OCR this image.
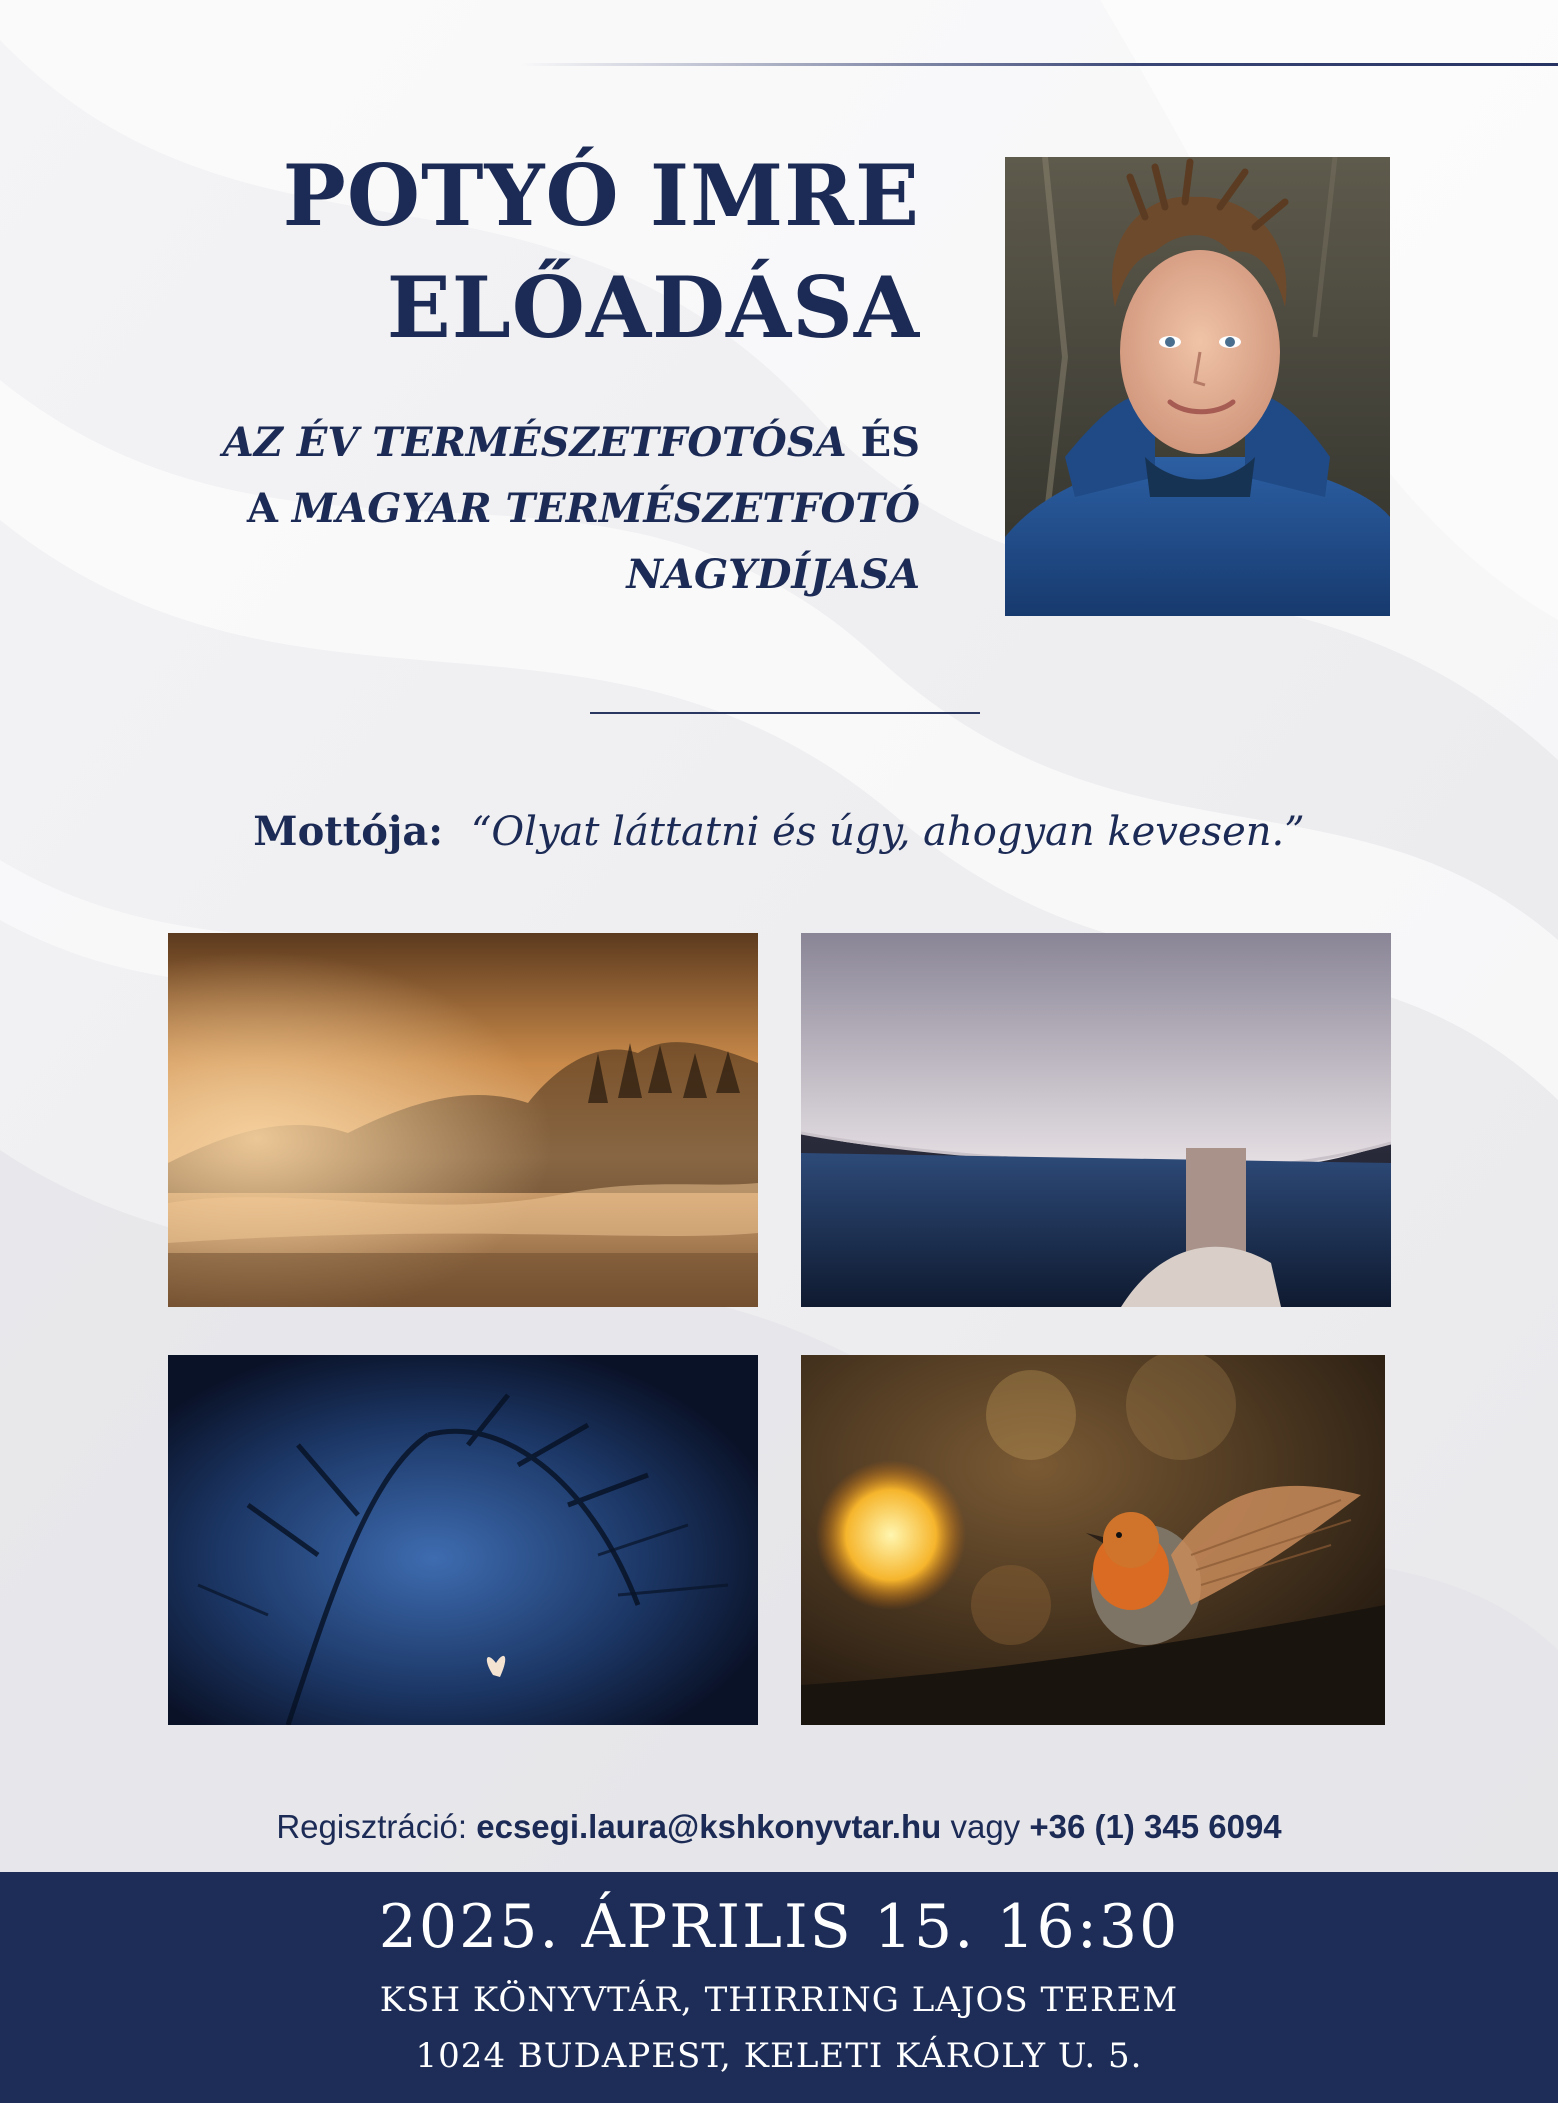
POTYÓ IMRE
ELŐADÁSA

AZ ÉV TERMÉSZETFOTÓSA ÉS
A MAGYAR TERMÉSZETFOTÓ
NAGYDÍJASA

Mottója: “Olyat láttatni és úgy, ahogyan kevesen.”

Regisztráció: ecsegi.laura@kshkonyvtar.hu vagy +36 (1) 345 6094

2025. ÁPRILIS 15. 16:30

KSH KÖNYVTÁR, THIRRING LAJOS TEREM

1024 BUDAPEST, KELETI KÁROLY U. 5.
